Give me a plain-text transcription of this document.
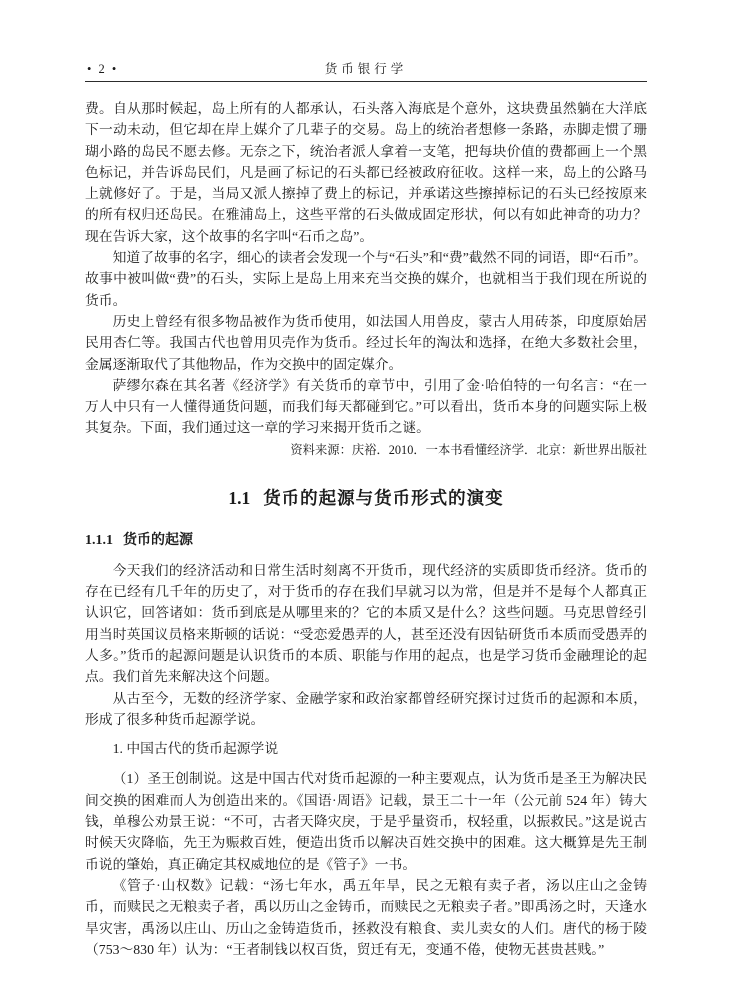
• 2 •	货币银行学

费。自从那时候起，岛上所有的人都承认，石头落入海底是个意外，这块费虽然躺在大洋底下一动未动，但它却在岸上媒介了几辈子的交易。岛上的统治者想修一条路，赤脚走惯了珊瑚小路的岛民不愿去修。无奈之下，统治者派人拿着一支笔，把每块价值的费都画上一个黑色标记，并告诉岛民们，凡是画了标记的石头都已经被政府征收。这样一来，岛上的公路马上就修好了。于是，当局又派人擦掉了费上的标记，并承诺这些擦掉标记的石头已经按原来的所有权归还岛民。在雅浦岛上，这些平常的石头做成固定形状，何以有如此神奇的功力？现在告诉大家，这个故事的名字叫“石币之岛”。

知道了故事的名字，细心的读者会发现一个与“石头”和“费”截然不同的词语，即“石币”。故事中被叫做“费”的石头，实际上是岛上用来充当交换的媒介，也就相当于我们现在所说的货币。

历史上曾经有很多物品被作为货币使用，如法国人用兽皮，蒙古人用砖茶，印度原始居民用杏仁等。我国古代也曾用贝壳作为货币。经过长年的淘汰和选择，在绝大多数社会里，金属逐渐取代了其他物品，作为交换中的固定媒介。

萨缪尔森在其名著《经济学》有关货币的章节中，引用了金·哈伯特的一句名言：“在一万人中只有一人懂得通货问题，而我们每天都碰到它。”可以看出，货币本身的问题实际上极其复杂。下面，我们通过这一章的学习来揭开货币之谜。

资料来源：庆裕．2010．一本书看懂经济学．北京：新世界出版社

1.1 货币的起源与货币形式的演变
1.1.1 货币的起源

今天我们的经济活动和日常生活时刻离不开货币，现代经济的实质即货币经济。货币的存在已经有几千年的历史了，对于货币的存在我们早就习以为常，但是并不是每个人都真正认识它，回答诸如：货币到底是从哪里来的？它的本质又是什么？这些问题。马克思曾经引用当时英国议员格来斯顿的话说：“受恋爱愚弄的人，甚至还没有因钻研货币本质而受愚弄的人多。”货币的起源问题是认识货币的本质、职能与作用的起点，也是学习货币金融理论的起点。我们首先来解决这个问题。

从古至今，无数的经济学家、金融学家和政治家都曾经研究探讨过货币的起源和本质，形成了很多种货币起源学说。

1. 中国古代的货币起源学说

（1）圣王创制说。这是中国古代对货币起源的一种主要观点，认为货币是圣王为解决民间交换的困难而人为创造出来的。《国语·周语》记载，景王二十一年（公元前 524 年）铸大钱，单穆公劝景王说：“不可，古者天降灾戾，于是乎量资币，权轻重，以振救民。”这是说古时候天灾降临，先王为赈救百姓，便造出货币以解决百姓交换中的困难。这大概算是先王制币说的肇始，真正确定其权威地位的是《管子》一书。

《管子·山权数》记载：“汤七年水，禹五年旱，民之无粮有卖子者，汤以庄山之金铸币，而赎民之无粮卖子者，禹以历山之金铸币，而赎民之无粮卖子者。”即禹汤之时，天逢水旱灾害，禹汤以庄山、历山之金铸造货币，拯救没有粮食、卖儿卖女的人们。唐代的杨于陵（753～830 年）认为：“王者制钱以权百货，贸迁有无，变通不倦，使物无甚贵甚贱。”
